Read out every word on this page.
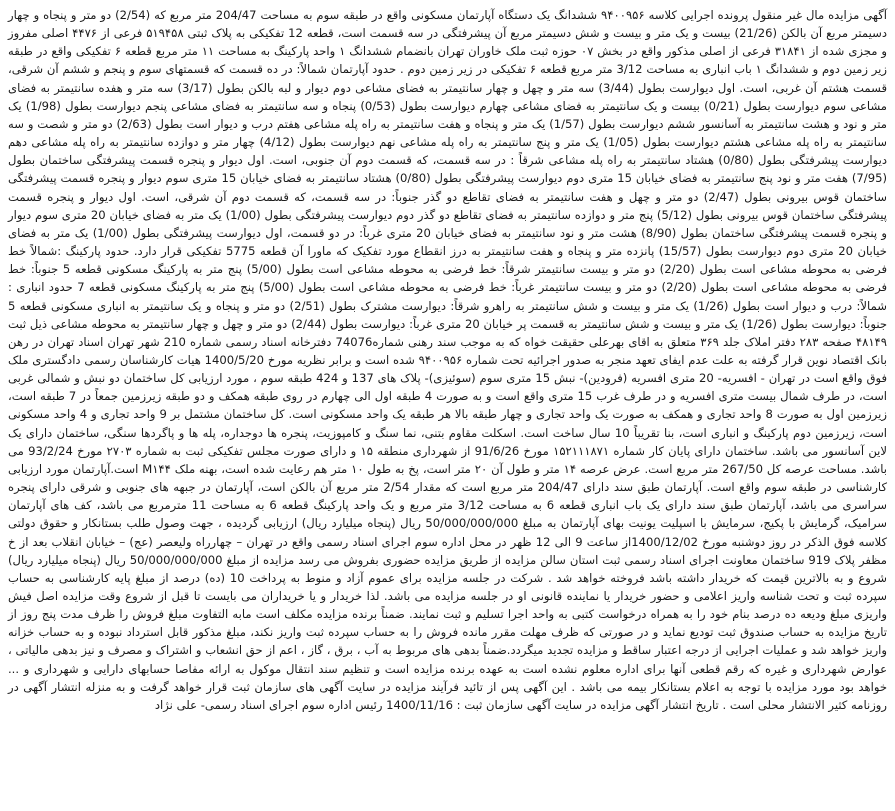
آگهی مزایده مال غیر منقول پرونده اجرایی کلاسه ۹۴۰۰۹۵۶ ششدانگ یک دستگاه آپارتمان مسکونی واقع در طبقه سوم به مساحت 204/47 متر مربع که (2/54) دو متر و پنجاه و چهار دسیمتر مربع آن بالکن (21/26) بیست و یک متر و بیست و شش دسیمتر مربع آن پیشرفتگی در سه قسمت است، قطعه 12 تفکیکی به پلاک ثبتی ۵۱۹۴۵۸ فرعی از ۴۴۷۶ اصلی مفروز و مجزی شده از ۳۱۸۴۱ فرعی از اصلی مذکور واقع در بخش ۰۷ حوزه ثبت ملک خاوران تهران بانضمام ششدانگ ۱ واحد پارکینگ به مساحت ۱۱ متر مربع قطعه ۶ تفکیکی واقع در طبقه زیر زمین دوم و ششدانگ ۱ باب انباری به مساحت 3/12 متر مربع قطعه ۶ تفکیکی در زیر زمین دوم . حدود آپارتمان شمالاً: در ده قسمت که قسمتهای سوم و پنجم و ششم آن شرقی، قسمت هشتم آن غربی، است. اول دیوارست بطول (3/44) سه متر و چهل و چهار سانتیمتر به فضای مشاعی دوم دیوار و لبه بالکن بطول (3/17) سه متر و هفده سانتیمتر به فضای مشاعی سوم دیوارست بطول (0/21) بیست و یک سانتیمتر به فضای مشاعی چهارم دیوارست بطول (0/53) پنجاه و سه سانتیمتر به فضای مشاعی پنجم دیوارست بطول (1/98) یک متر و نود و هشت سانتیمتر به آسانسور ششم دیوارست بطول (1/57) یک متر و پنجاه و هفت سانتیمتر به راه پله مشاعی هفتم درب و دیوار است بطول (2/63) دو متر و شصت و سه سانتیمتر به راه پله مشاعی هشتم دیوارست بطول (1/05) یک متر و پنج سانتیمتر به راه پله مشاعی نهم دیوارست بطول (4/12) چهار متر و دوازده سانتیمتر به راه پله مشاعی دهم دیوارست پیشرفتگی بطول (0/80) هشتاد سانتیمتر به راه پله مشاعی شرقاً : در سه قسمت، که قسمت دوم آن جنوبی، است. اول دیوار و پنجره قسمت پیشرفتگی ساختمان بطول (7/95) هفت متر و نود پنج سانتیمتر به فضای خیابان 15 متری دوم دیوارست پیشرفتگی بطول (0/80) هشتاد سانتیمتر به فضای خیابان 15 متری سوم دیوار و پنجره قسمت پیشرفتگی ساختمان قوس بیرونی بطول (2/47) دو متر و چهل و هفت سانتیمتر به فضای تقاطع دو گذر جنوباً: در سه قسمت، که قسمت دوم آن شرقی، است. اول دیوار و پنجره قسمت پیشرفتگی ساختمان قوس بیرونی بطول (5/12) پنج متر و دوازده سانتیمتر به فضای تقاطع دو گذر دوم دیوارست پیشرفتگی بطول (1/00) یک متر به فضای خیابان 20 متری سوم دیوار و پنجره قسمت پیشرفتگی ساختمان بطول (8/90) هشت متر و نود سانتیمتر به فضای خیابان 20 متری غرباً: در دو قسمت، اول دیوارست پیشرفتگی بطول (1/00) یک متر به فضای خیابان 20 متری دوم دیوارست بطول (15/57) پانزده متر و پنجاه و هفت سانتیمتر به درز انقطاع مورد تفکیک که ماورا آن قطعه 5775 تفکیکی قرار دارد. حدود پارکینگ :شمالاً خط فرضی به محوطه مشاعی است بطول (2/20) دو متر و بیست سانتیمتر شرقاً: خط فرضی به محوطه مشاعی است بطول (5/00) پنج متر به پارکینگ مسکونی قطعه 5 جنوباً: خط فرضی به محوطه مشاعی است بطول (2/20) دو متر و بیست سانتیمتر غرباً: خط فرضی به محوطه مشاعی است بطول (5/00) پنج متر به پارکینگ مسکونی قطعه 7 حدود انباری : شمالاً: درب و دیوار است بطول (1/26) یک متر و بیست و شش سانتیمتر به راهرو شرقاً: دیوارست مشترک بطول (2/51) دو متر و پنجاه و یک سانتیمتر به انباری مسکونی قطعه 5 جنوباً: دیوارست بطول (1/26) یک متر و بیست و شش سانتیمتر به قسمت پر خیابان 20 متری غرباً: دیوارست بطول (2/44) دو متر و چهل و چهار سانتیمتر به محوطه مشاعی ذیل ثبت ۴۸۱۴۹ صفحه ۲۸۳ دفتر املاک جلد ۳۶۹ متعلق به اقای بهرعلی حقیقت خواه که به موجب سند رهنی شماره74076 دفترخانه اسناد رسمی شماره 210 شهر تهران اسناد تهران در رهن بانک اقتصاد نوین قرار گرفته به علت عدم ایفای تعهد منجر به صدور اجرائیه تحت شماره ۹۴۰۰۹۵۶ شده است و برابر نظریه مورخ 1400/5/20 هیات کارشناسان رسمی دادگستری ملک فوق واقع است در تهران - افسریه- 20 متری افسریه (فرودین)- نبش 15 متری سوم (سوئیزی)- پلاک های 137 و 424 طبقه سوم ، مورد ارزیابی کل ساختمان دو نبش و شمالی غربی است، در طرف شمال بیست متری افسریه و در طرف غرب 15 متری واقع است و به صورت 4 طبقه اول الی چهارم در روی طبقه همکف و دو طبقه زیرزمین جمعاً در 7 طبقه است، زیرزمین اول به صورت 8 واحد تجاری و همکف به صورت یک واحد تجاری و چهار طبقه بالا هر طبقه یک واحد مسکونی است. کل ساختمان مشتمل بر 9 واحد تجاری و 4 واحد مسکونی است، زیرزمین دوم پارکینگ و انباری است، بنا تقریباً 10 سال ساخت است. اسکلت مقاوم بتنی، نما سنگ و کامپوزیت، پنجره ها دوجداره، پله ها و پاگردها سنگی، ساختمان دارای یک لاین آسانسور می باشد. ساختمان دارای پایان کار شماره ۱۵۲۱۱۱۸۷۱ مورخ 91/6/26 از شهرداری منطقه ۱۵ و دارای صورت مجلس تفکیکی ثبت به شماره ۲۷۰۳ مورخ 93/2/24 می باشد. مساحت عرصه کل 267/50 متر مربع است. عرض عرصه ۱۴ متر و طول آن ۲۰ متر است، پخ به طول ۱۰ متر هم رعایت شده است، بهنه ملک M۱۴۴ است.آپارتمان مورد ارزیابی کارشناسی در طبقه سوم واقع است. آپارتمان طبق سند دارای 204/47 متر مربع است که مقدار 2/54 متر مربع آن بالکن است، آپارتمان در جبهه های جنوبی و شرقی دارای پنجره سراسری می باشد، آپارتمان طبق سند دارای یک باب انباری قطعه 6 به مساحت 3/12 متر مربع و یک واحد پارکینگ قطعه 6 به مساحت 11 مترمربع می باشد، کف های آپارتمان سرامیک، گرمایش با پکیج، سرمایش با اسپلیت یونیت بهای آپارتمان به مبلغ 50/000/000/000 ریال (پنجاه میلیارد ریال) ارزیابی گردیده ، جهت وصول طلب بستانکار و حقوق دولتی کلاسه فوق الذکر در روز دوشنبه مورخ 1400/12/02از ساعت 9 الی 12 ظهر در محل اداره سوم اجرای اسناد رسمی واقع در تهران – چهارراه ولیعصر (عج) – خیابان انقلاب بعد از خ مظفر پلاک 919 ساختمان معاونت اجرای اسناد رسمی ثبت استان سالن مزایده از طریق مزایده حضوری بفروش می رسد مزایده از مبلغ 50/000/000/000 ریال (پنجاه میلیارد ریال) شروع و به بالاترین قیمت که خریدار داشته باشد فروخته خواهد شد . شرکت در جلسه مزایده برای عموم آزاد و منوط به پرداخت 10 (ده) درصد از مبلغ پایه کارشناسی به حساب سپرده ثبت و تحت شناسه واریز اعلامی و حضور خریدار یا نماینده قانونی او در جلسه مزایده می باشد. لذا خریدار و یا خریداران می بایست تا قبل از شروع وقت مزایده اصل فیش واریزی مبلغ ودیعه ده درصد بنام خود را به همراه درخواست کتبی به واحد اجرا تسلیم و ثبت نمایند. ضمناً برنده مزایده مکلف است مابه التفاوت مبلغ فروش را ظرف مدت پنج روز از تاریخ مزایده به حساب صندوق ثبت تودیع نماید و در صورتی که ظرف مهلت مقرر مانده فروش را به حساب سپرده ثبت واریز نکند، مبلغ مذکور قابل استرداد نبوده و به حساب خزانه واریز خواهد شد و عملیات اجرایی از درجه اعتبار ساقط و مزایده تجدید میگردد.ضمناً بدهی های مربوط به آب ، برق ، گاز ، اعم از حق انشعاب و اشتراک و مصرف و نیز بدهی مالیاتی ، عوارض شهرداری و غیره که رقم قطعی آنها برای اداره معلوم نشده است به عهده برنده مزایده است و تنظیم سند انتقال موکول به ارائه مفاصا حسابهای دارایی و شهرداری و ... خواهد بود مورد مزایده با توجه به اعلام بستانکار بیمه می باشد . این آگهی پس از تائید فرآیند مزایده در سایت آگهی های سازمان ثبت قرار خواهد گرفت و به منزله انتشار آگهی در روزنامه کثیر الانتشار محلی است . تاریخ انتشار آگهی مزایده در سایت آگهی سازمان ثبت : 1400/11/16 رئیس اداره سوم اجرای اسناد رسمی- علی نژاد
